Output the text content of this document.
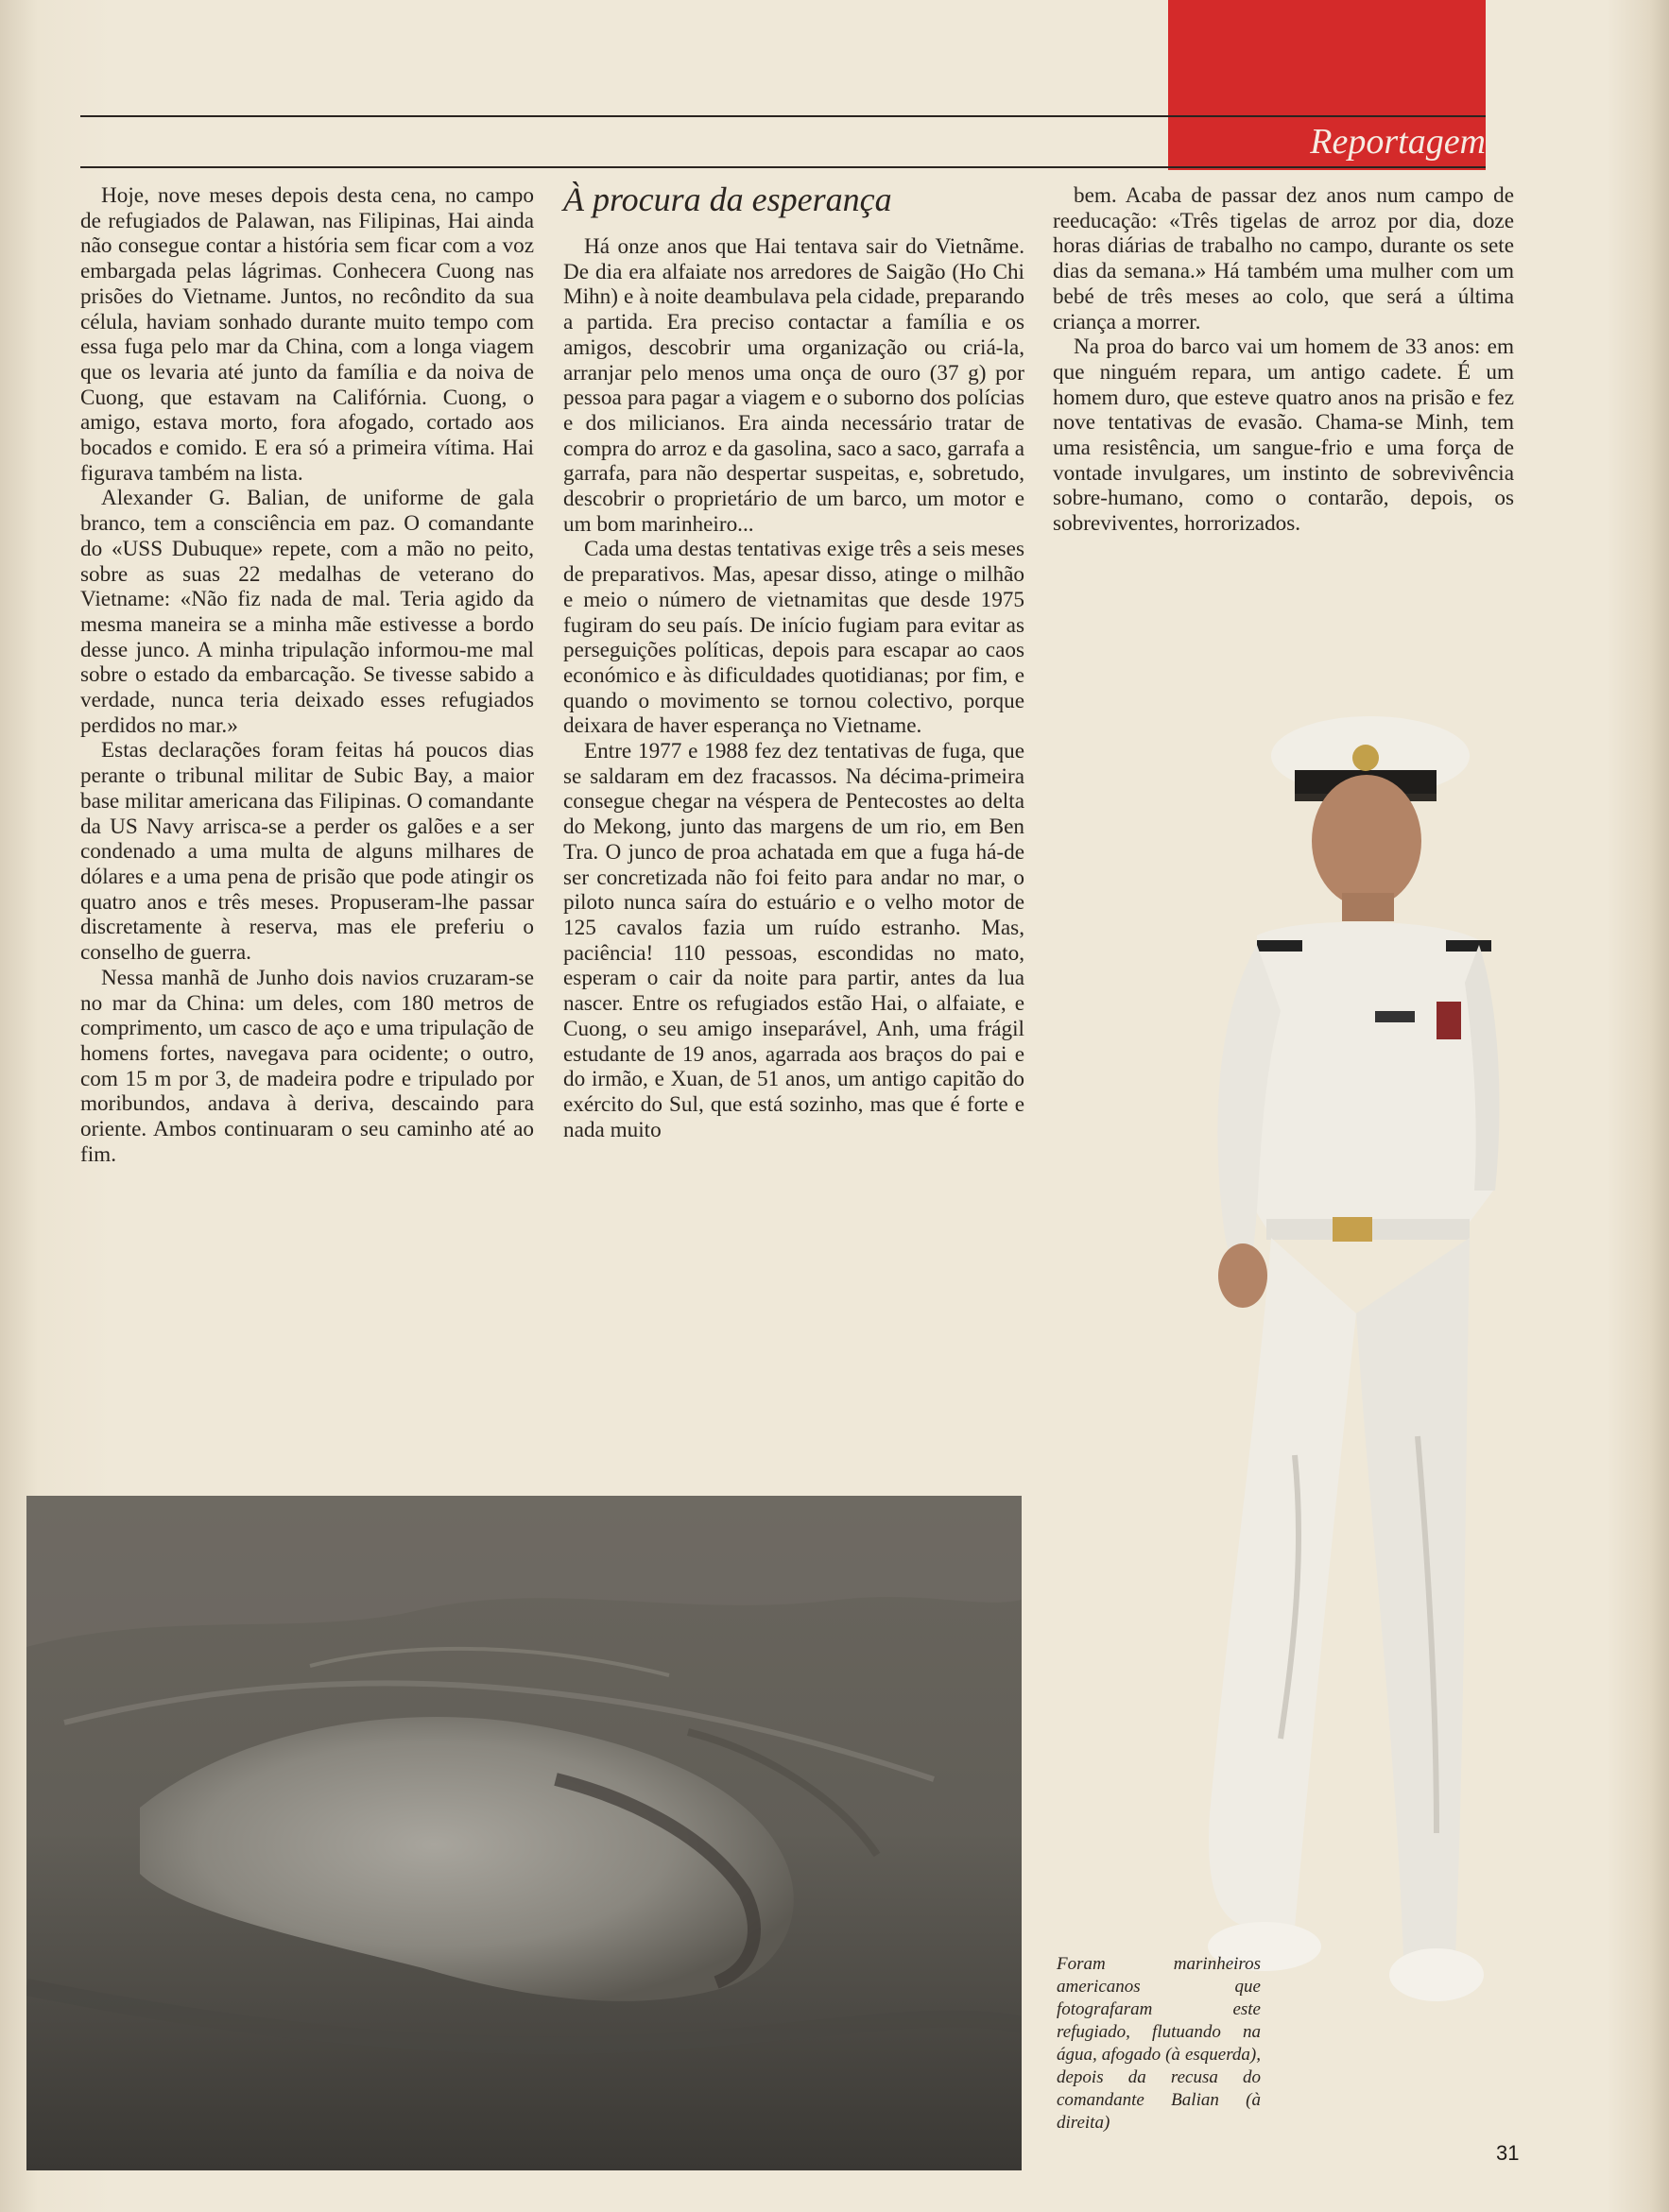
Reportagem

Hoje, nove meses depois desta cena, no campo de refugiados de Palawan, nas Filipinas, Hai ainda não consegue contar a história sem ficar com a voz embargada pelas lágrimas. Conhecera Cuong nas prisões do Vietname. Juntos, no recôndito da sua célula, haviam sonhado durante muito tempo com essa fuga pelo mar da China, com a longa viagem que os levaria até junto da família e da noiva de Cuong, que estavam na Califórnia. Cuong, o amigo, estava morto, fora afogado, cortado aos bocados e comido. E era só a primeira vítima. Hai figurava também na lista.

Alexander G. Balian, de uniforme de gala branco, tem a consciência em paz. O comandante do «USS Dubuque» repete, com a mão no peito, sobre as suas 22 medalhas de veterano do Vietname: «Não fiz nada de mal. Teria agido da mesma maneira se a minha mãe estivesse a bordo desse junco. A minha tripulação informou-me mal sobre o estado da embarcação. Se tivesse sabido a verdade, nunca teria deixado esses refugiados perdidos no mar.»

Estas declarações foram feitas há poucos dias perante o tribunal militar de Subic Bay, a maior base militar americana das Filipinas. O comandante da US Navy arrisca-se a perder os galões e a ser condenado a uma multa de alguns milhares de dólares e a uma pena de prisão que pode atingir os quatro anos e três meses. Propuseram-lhe passar discretamente à reserva, mas ele preferiu o conselho de guerra.

Nessa manhã de Junho dois navios cruzaram-se no mar da China: um deles, com 180 metros de comprimento, um casco de aço e uma tripulação de homens fortes, navegava para ocidente; o outro, com 15 m por 3, de madeira podre e tripulado por moribundos, andava à deriva, descaindo para oriente. Ambos continuaram o seu caminho até ao fim.

À procura da esperança

Há onze anos que Hai tentava sair do Vietnãme. De dia era alfaiate nos arredores de Saigão (Ho Chi Mihn) e à noite deambulava pela cidade, preparando a partida. Era preciso contactar a família e os amigos, descobrir uma organização ou criá-la, arranjar pelo menos uma onça de ouro (37 g) por pessoa para pagar a viagem e o suborno dos polícias e dos milicianos. Era ainda necessário tratar de compra do arroz e da gasolina, saco a saco, garrafa a garrafa, para não despertar suspeitas, e, sobretudo, descobrir o proprietário de um barco, um motor e um bom marinheiro...

Cada uma destas tentativas exige três a seis meses de preparativos. Mas, apesar disso, atinge o milhão e meio o número de vietnamitas que desde 1975 fugiram do seu país. De início fugiam para evitar as perseguições políticas, depois para escapar ao caos económico e às dificuldades quotidianas; por fim, e quando o movimento se tornou colectivo, porque deixara de haver esperança no Vietname.

Entre 1977 e 1988 fez dez tentativas de fuga, que se saldaram em dez fracassos. Na décima-primeira consegue chegar na véspera de Pentecostes ao delta do Mekong, junto das margens de um rio, em Ben Tra. O junco de proa achatada em que a fuga há-de ser concretizada não foi feito para andar no mar, o piloto nunca saíra do estuário e o velho motor de 125 cavalos fazia um ruído estranho. Mas, paciência! 110 pessoas, escondidas no mato, esperam o cair da noite para partir, antes da lua nascer. Entre os refugiados estão Hai, o alfaiate, e Cuong, o seu amigo inseparável, Anh, uma frágil estudante de 19 anos, agarrada aos braços do pai e do irmão, e Xuan, de 51 anos, um antigo capitão do exército do Sul, que está sozinho, mas que é forte e nada muito

bem. Acaba de passar dez anos num campo de reeducação: «Três tigelas de arroz por dia, doze horas diárias de trabalho no campo, durante os sete dias da semana.» Há também uma mulher com um bebé de três meses ao colo, que será a última criança a morrer.

Na proa do barco vai um homem de 33 anos: em que ninguém repara, um antigo cadete. É um homem duro, que esteve quatro anos na prisão e fez nove tentativas de evasão. Chama-se Minh, tem uma resistência, um sangue-frio e uma força de vontade invulgares, um instinto de sobrevivência sobre-humano, como o contarão, depois, os sobreviventes, horrorizados.

Foram marinheiros americanos que fotografaram este refugiado, flutuando na água, afogado (à esquerda), depois da recusa do comandante Balian (à direita)
31
